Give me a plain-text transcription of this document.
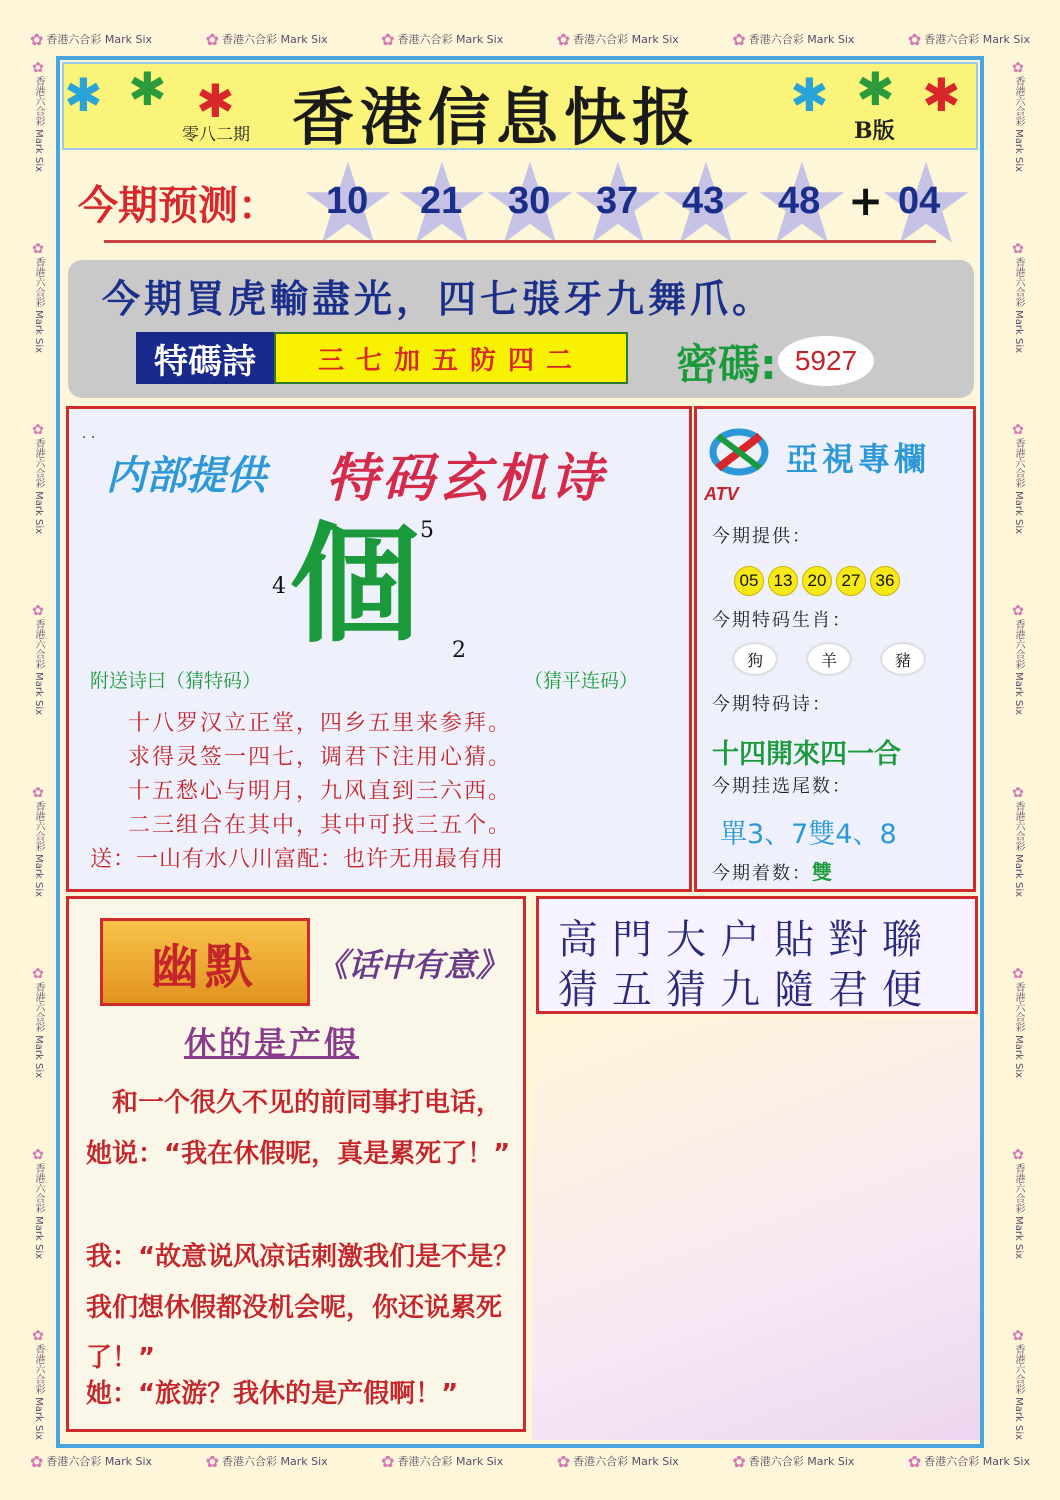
✿ 香港六合彩 Mark Six	✿ 香港六合彩 Mark Six	✿ 香港六合彩 Mark Six	✿ 香港六合彩 Mark Six	✿ 香港六合彩 Mark Six	✿ 香港六合彩 Mark Six
✿ 香港六合彩 Mark Six	✿ 香港六合彩 Mark Six	✿ 香港六合彩 Mark Six	✿ 香港六合彩 Mark Six	✿ 香港六合彩 Mark Six	✿ 香港六合彩 Mark Six
✿香港六合彩 Mark Six
✿香港六合彩 Mark Six
✿香港六合彩 Mark Six
✿香港六合彩 Mark Six
✿香港六合彩 Mark Six
✿香港六合彩 Mark Six
✿香港六合彩 Mark Six
✿香港六合彩 Mark Six
✿香港六合彩 Mark Six
✿香港六合彩 Mark Six
✿香港六合彩 Mark Six
✿香港六合彩 Mark Six
✿香港六合彩 Mark Six
✿香港六合彩 Mark Six
✿香港六合彩 Mark Six
✿香港六合彩 Mark Six
✱ ✱ ✱	✱ ✱ ✱
香港信息快报
零八二期	B版
今期预测： 10 21 30 37 43 48 + 04
今期買虎輸盡光，四七張牙九舞爪。
特碼詩	三七加五防四二	密碼: 5927
· ·
内部提供 特码玄机诗
個
4
5
2
附送诗曰（猜特码）	（猜平连码）
十八罗汉立正堂，四乡五里来参拜。
求得灵签一四七，调君下注用心猜。
十五愁心与明月，九风直到三六西。
二三组合在其中，其中可找三五个。
送：一山有水八川富配：也许无用最有用
ATV
亞視專欄
今期提供：
05 13 20 27 36
今期特码生肖：
狗	羊	豬
今期特码诗：
十四開來四一合
今期挂选尾数：
單3、7雙4、8
今期着数：雙
幽默	《话中有意》
休的是产假
　和一个很久不见的前同事打电话，她说：“我在休假呢，真是累死了！”
我：“故意说风凉话刺激我们是不是？我们想休假都没机会呢，你还说累死了！”
她：“旅游？我休的是产假啊！”
高門大户貼對聯
猜五猜九隨君便
